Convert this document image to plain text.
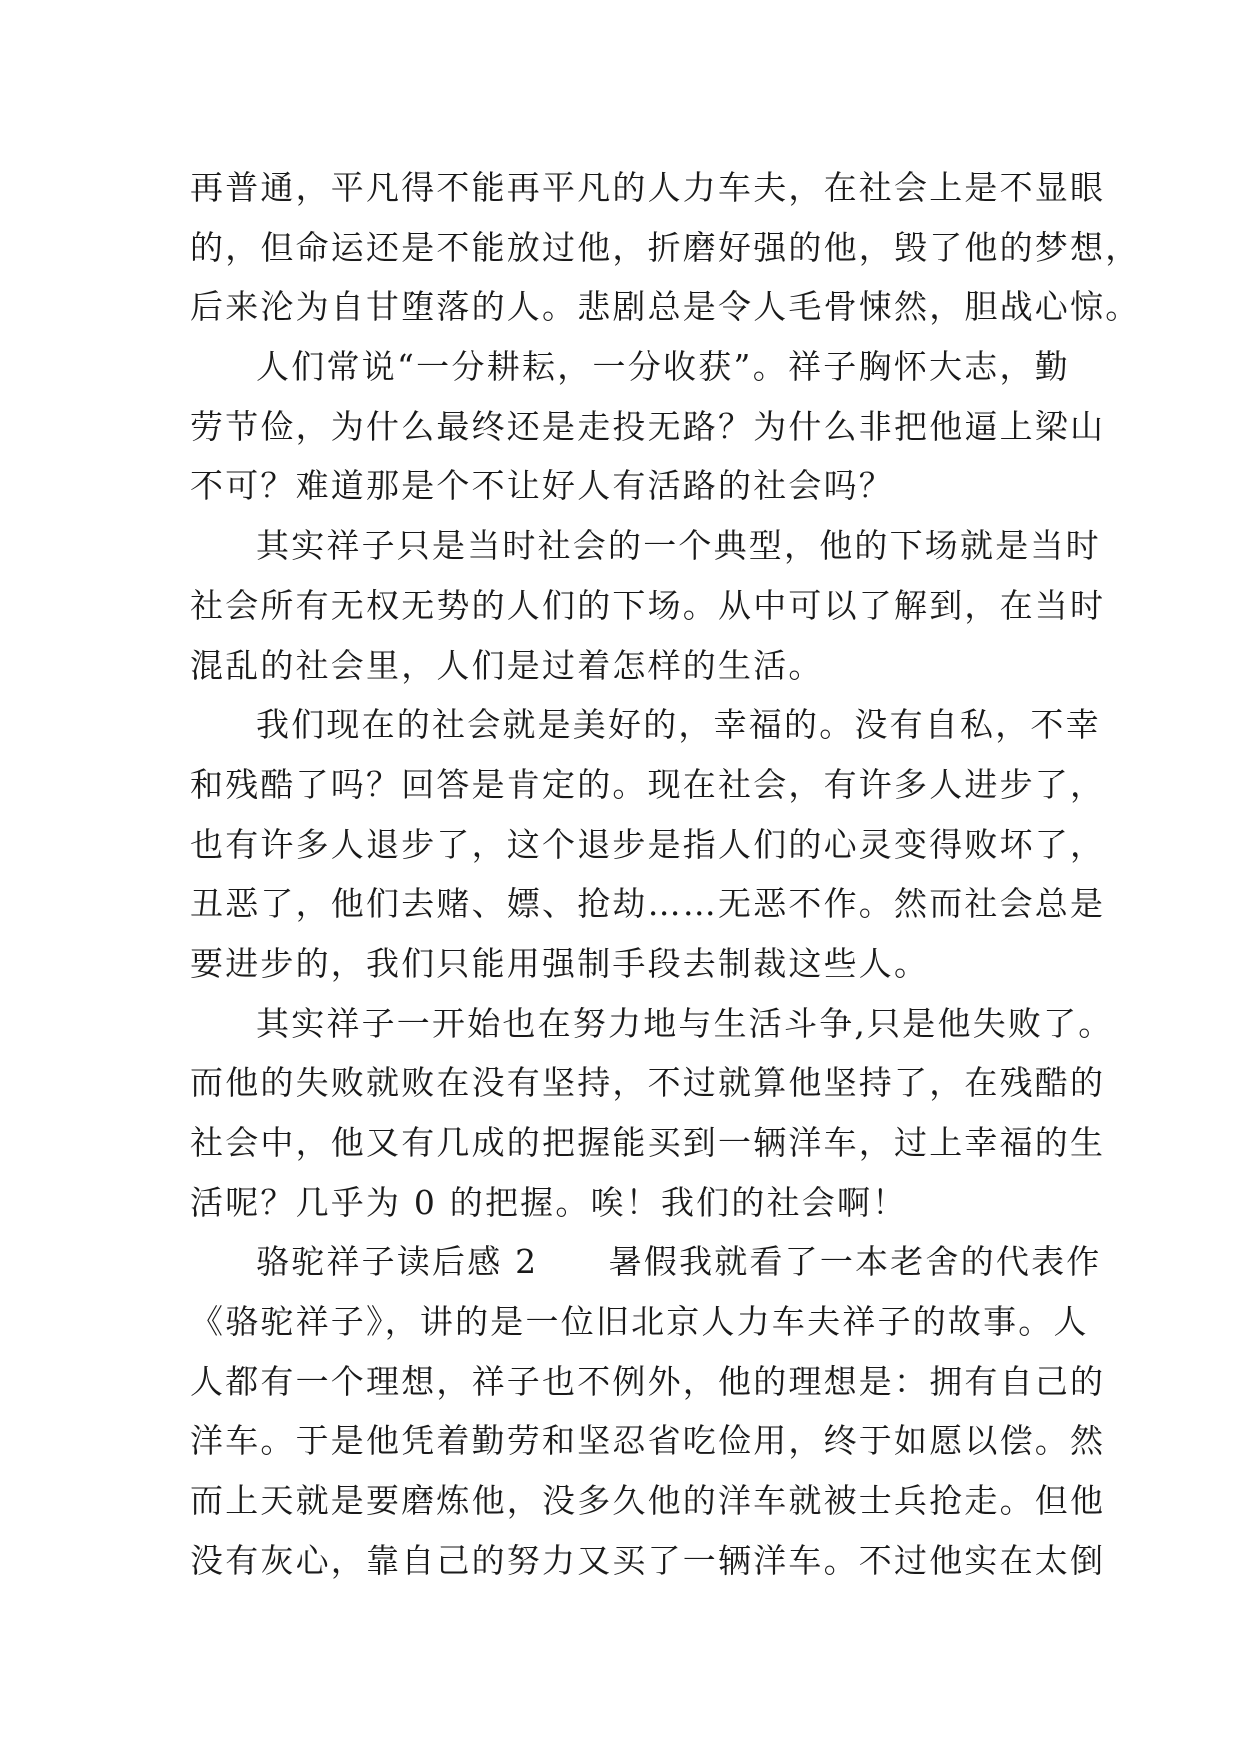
再普通，平凡得不能再平凡的人力车夫，在社会上是不显眼
的，但命运还是不能放过他，折磨好强的他，毁了他的梦想，
后来沦为自甘堕落的人。悲剧总是令人毛骨悚然，胆战心惊。
人们常说“一分耕耘，一分收获”。祥子胸怀大志，勤
劳节俭，为什么最终还是走投无路？为什么非把他逼上梁山
不可？难道那是个不让好人有活路的社会吗？
其实祥子只是当时社会的一个典型，他的下场就是当时
社会所有无权无势的人们的下场。从中可以了解到，在当时
混乱的社会里，人们是过着怎样的生活。
我们现在的社会就是美好的，幸福的。没有自私，不幸
和残酷了吗？回答是肯定的。现在社会，有许多人进步了，
也有许多人退步了，这个退步是指人们的心灵变得败坏了，
丑恶了，他们去赌、嫖、抢劫……无恶不作。然而社会总是
要进步的，我们只能用强制手段去制裁这些人。
其实祥子一开始也在努力地与生活斗争,只是他失败了。
而他的失败就败在没有坚持，不过就算他坚持了，在残酷的
社会中，他又有几成的把握能买到一辆洋车，过上幸福的生
活呢？几乎为 0 的把握。唉！我们的社会啊！
骆驼祥子读后感 2　　暑假我就看了一本老舍的代表作
《骆驼祥子》，讲的是一位旧北京人力车夫祥子的故事。人
人都有一个理想，祥子也不例外，他的理想是：拥有自己的
洋车。于是他凭着勤劳和坚忍省吃俭用，终于如愿以偿。然
而上天就是要磨炼他，没多久他的洋车就被士兵抢走。但他
没有灰心，靠自己的努力又买了一辆洋车。不过他实在太倒
